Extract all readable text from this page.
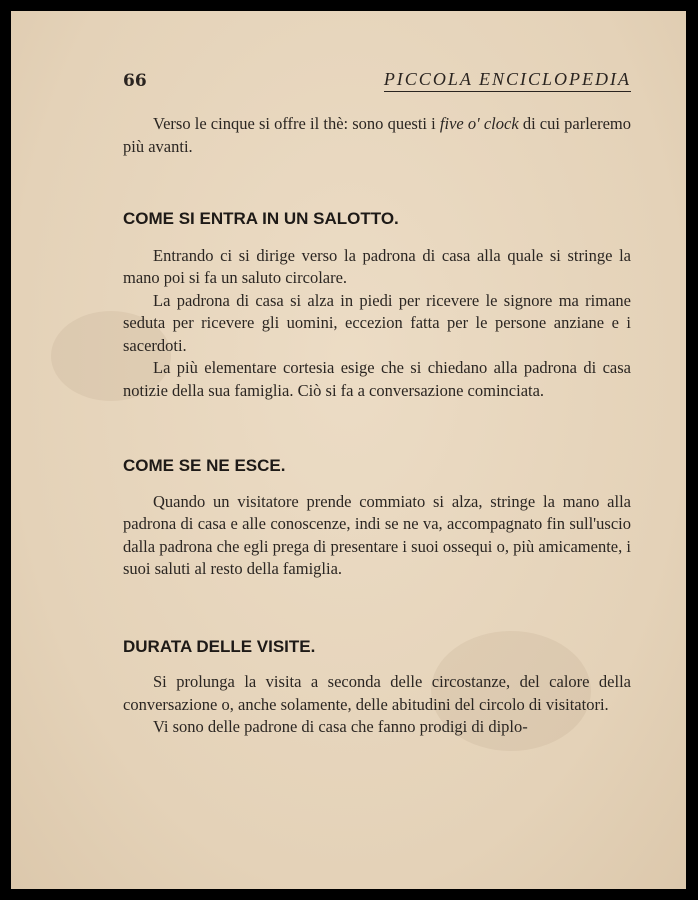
66	PICCOLA ENCICLOPEDIA

Verso le cinque si offre il thè: sono questi i five o' clock di cui parleremo più avanti.

COME SI ENTRA IN UN SALOTTO.

Entrando ci si dirige verso la padrona di casa alla quale si stringe la mano poi si fa un saluto circolare.

La padrona di casa si alza in piedi per ricevere le signore ma rimane seduta per ricevere gli uomini, eccezion fatta per le persone anziane e i sacerdoti.

La più elementare cortesia esige che si chiedano alla padrona di casa notizie della sua famiglia. Ciò si fa a conversazione cominciata.

COME SE NE ESCE.

Quando un visitatore prende commiato si alza, stringe la mano alla padrona di casa e alle conoscenze, indi se ne va, accompagnato fin sull'uscio dalla padrona che egli prega di presentare i suoi ossequi o, più amicamente, i suoi saluti al resto della famiglia.

DURATA DELLE VISITE.

Si prolunga la visita a seconda delle circostanze, del calore della conversazione o, anche solamente, delle abitudini del circolo di visitatori.

Vi sono delle padrone di casa che fanno prodigi di diplo-
